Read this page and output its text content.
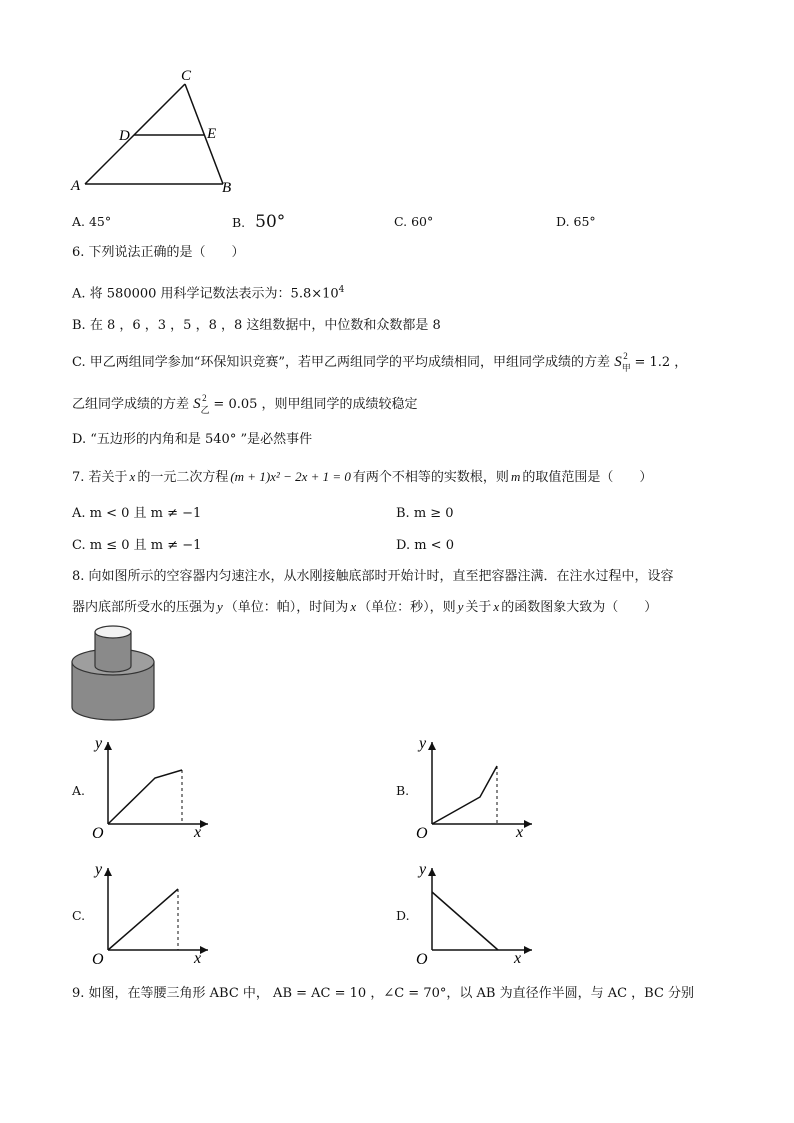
C
D	E
A	B
A. 45°	B. 50°	C. 60°	D. 65°
6. 下列说法正确的是（　　）
A. 将 580000 用科学记数法表示为：$5.8\times 10^4$
B. 在 8 ，6 ，3 ，5 ，8 ，8 这组数据中，中位数和众数都是 8
C. 甲乙两组同学参加“环保知识竞赛”，若甲乙两组同学的平均成绩相同，甲组同学成绩的方差 S 2
$_甲$ = 1.2 ，
乙组同学成绩的方差 S 2
$_乙$ = 0.05 ，则甲组同学的成绩较稳定
D. “五边形的内角和是 540° ”是必然事件
7. 若关于 x 的一元二次方程 (m + 1)x² − 2x + 1 = 0 有两个不相等的实数根，则 m 的取值范围是（　　）
A. m < 0 且 m ≠ −1	B. m ≥ 0
C. m ≤ 0 且 m ≠ −1	D. m < 0
8. 向如图所示的空容器内匀速注水，从水刚接触底部时开始计时，直至把容器注满．在注水过程中，设容
器内底部所受水的压强为 y （单位：帕），时间为 x （单位：秒），则 y 关于 x 的函数图象大致为（　　）
A.	B.
C.	D.
y
x
O
y
x
O
y
x
O
y
x
O
9. 如图，在等腰三角形 ABC 中， AB = AC = 10 ，∠C = 70°，以 AB 为直径作半圆，与 AC ，BC 分别
